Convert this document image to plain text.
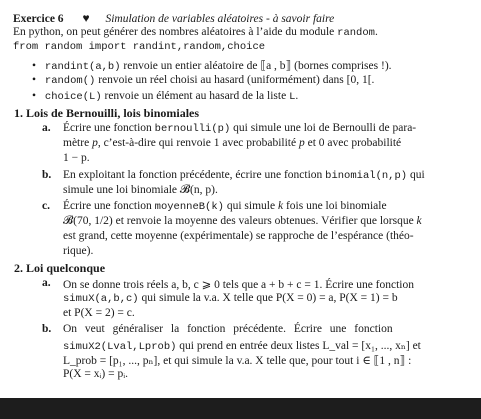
Exercice 6 ♥ Simulation de variables aléatoires - à savoir faire
En python, on peut générer des nombres aléatoires à l’aide du module random.
from random import randint,random,choice
• randint(a,b) renvoie un entier aléatoire de ⟦a , b⟧ (bornes comprises !).
• random() renvoie un réel choisi au hasard (uniformément) dans [0, 1[.
• choice(L) renvoie un élément au hasard de la liste L.
1. Lois de Bernouilli, lois binomiales
a. Écrire une fonction bernoulli(p) qui simule une loi de Bernoulli de para-
mètre p, c’est-à-dire qui renvoie 1 avec probabilité p et 0 avec probabilité
1 − p.
b. En exploitant la fonction précédente, écrire une fonction binomial(n,p) qui
simule une loi binomiale 𝓑(n, p).
c. Écrire une fonction moyenneB(k) qui simule k fois une loi binomiale
𝓑(70, 1/2) et renvoie la moyenne des valeurs obtenues. Vérifier que lorsque k
est grand, cette moyenne (expérimentale) se rapproche de l’espérance (théo-
rique).
2. Loi quelconque
a. On se donne trois réels a, b, c ⩾ 0 tels que a + b + c = 1. Écrire une fonction
simuX(a,b,c) qui simule la v.a. X telle que P(X = 0) = a, P(X = 1) = b
et P(X = 2) = c.
b. On veut généraliser la fonction précédente. Écrire une fonction
simuX2(Lval,Lprob) qui prend en entrée deux listes L_val = [x₁, ..., xₙ] et
L_prob = [p₁, ..., pₙ], et qui simule la v.a. X telle que, pour tout i ∈ ⟦1 , n⟧ :
P(X = xᵢ) = pᵢ.
